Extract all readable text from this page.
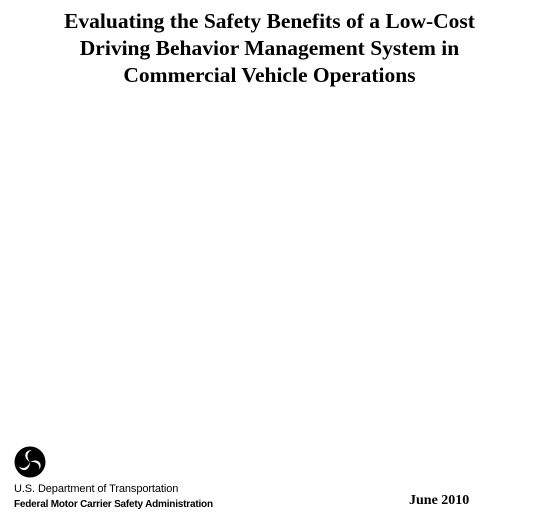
Evaluating the Safety Benefits of a Low-Cost
Driving Behavior Management System in
Commercial Vehicle Operations
U.S. Department of Transportation
Federal Motor Carrier Safety Administration	June 2010
